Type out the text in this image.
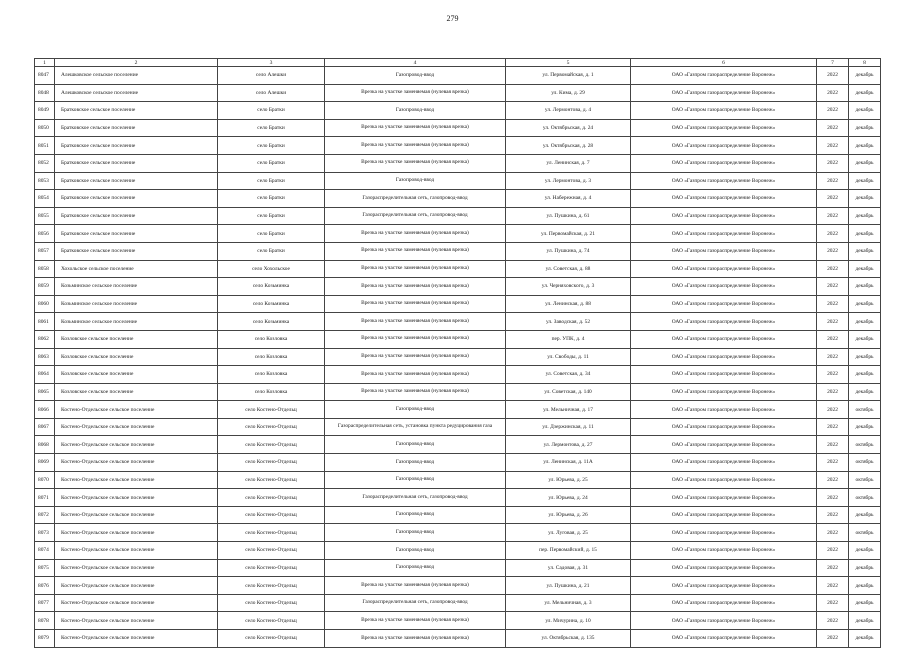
279
1	2	3	4	5	6	7	8
8047	Алешковское сельское поселение	село Алешки	Газопровод-ввод	ул. Первомайская, д. 1	ОАО «Газпром газораспределение Воронеж»	2022	декабрь
8048	Алешковское сельское поселение	село Алешки	Врезка на участке заменяемая (нулевая врезка)	ул. Кима, д. 29	ОАО «Газпром газораспределение Воронеж»	2022	декабрь
8049	Братковское сельское поселение	село Братки	Газопровод-ввод	ул. Лермонтова, д. 4	ОАО «Газпром газораспределение Воронеж»	2022	декабрь
8050	Братковское сельское поселение	село Братки	Врезка на участке заменяемая (нулевая врезка)	ул. Октябрьская, д. 24	ОАО «Газпром газораспределение Воронеж»	2022	декабрь
8051	Братковское сельское поселение	село Братки	Врезка на участке заменяемая (нулевая врезка)	ул. Октябрьская, д. 28	ОАО «Газпром газораспределение Воронеж»	2022	декабрь
8052	Братковское сельское поселение	село Братки	Врезка на участке заменяемая (нулевая врезка)	ул. Ленинская, д. 7	ОАО «Газпром газораспределение Воронеж»	2022	декабрь
8053	Братковское сельское поселение	село Братки	Газопровод-ввод	ул. Лермонтова, д. 3	ОАО «Газпром газораспределение Воронеж»	2022	декабрь
8054	Братковское сельское поселение	село Братки	Газораспределительная сеть, газопровод-ввод	ул. Набережная, д. 4	ОАО «Газпром газораспределение Воронеж»	2022	декабрь
8055	Братковское сельское поселение	село Братки	Газораспределительная сеть, газопровод-ввод	ул. Пушкина, д. 61	ОАО «Газпром газораспределение Воронеж»	2022	декабрь
8056	Братковское сельское поселение	село Братки	Врезка на участке заменяемая (нулевая врезка)	ул. Первомайская, д. 21	ОАО «Газпром газораспределение Воронеж»	2022	декабрь
8057	Братковское сельское поселение	село Братки	Врезка на участке заменяемая (нулевая врезка)	ул. Пушкина, д. 74	ОАО «Газпром газораспределение Воронеж»	2022	декабрь
8058	Хохольское сельское поселение	село Хохольское	Врезка на участке заменяемая (нулевая врезка)	ул. Советская, д. 88	ОАО «Газпром газораспределение Воронеж»	2022	декабрь
8059	Козьминское сельское поселение	село Козьминка	Врезка на участке заменяемая (нулевая врезка)	ул. Черняховского, д. 3	ОАО «Газпром газораспределение Воронеж»	2022	декабрь
8060	Козьминское сельское поселение	село Козьминка	Врезка на участке заменяемая (нулевая врезка)	ул. Ленинская, д. 88	ОАО «Газпром газораспределение Воронеж»	2022	декабрь
8061	Козьминское сельское поселение	село Козьминка	Врезка на участке заменяемая (нулевая врезка)	ул. Заводская, д. 52	ОАО «Газпром газораспределение Воронеж»	2022	декабрь
8062	Козловское сельское поселение	село Козловка	Врезка на участке заменяемая (нулевая врезка)	пер. УПК, д. 4	ОАО «Газпром газораспределение Воронеж»	2022	декабрь
8063	Козловское сельское поселение	село Козловка	Врезка на участке заменяемая (нулевая врезка)	ул. Свободы, д. 11	ОАО «Газпром газораспределение Воронеж»	2022	декабрь
8064	Козловское сельское поселение	село Козловка	Врезка на участке заменяемая (нулевая врезка)	ул. Советская, д. 34	ОАО «Газпром газораспределение Воронеж»	2022	декабрь
8065	Козловское сельское поселение	село Козловка	Врезка на участке заменяемая (нулевая врезка)	ул. Советская, д. 140	ОАО «Газпром газораспределение Воронеж»	2022	декабрь
8066	Костено-Отдельское сельское поселение	село Костено-Отдельц	Газопровод-ввод	ул. Мельничная, д. 17	ОАО «Газпром газораспределение Воронеж»	2022	октябрь
8067	Костено-Отдельское сельское поселение	село Костено-Отдельц	Газораспределительная сеть, установка пункта редуцирования газа	ул. Дзержинская, д. 11	ОАО «Газпром газораспределение Воронеж»	2022	декабрь
8068	Костено-Отдельское сельское поселение	село Костено-Отдельц	Газопровод-ввод	ул. Лермонтова, д. 27	ОАО «Газпром газораспределение Воронеж»	2022	октябрь
8069	Костено-Отдельское сельское поселение	село Костено-Отдельц	Газопровод-ввод	ул. Ленинская, д. 11А	ОАО «Газпром газораспределение Воронеж»	2022	октябрь
8070	Костено-Отдельское сельское поселение	село Костено-Отдельц	Газопровод-ввод	ул. Юрьева, д. 25	ОАО «Газпром газораспределение Воронеж»	2022	октябрь
8071	Костено-Отдельское сельское поселение	село Костено-Отдельц	Газораспределительная сеть, газопровод-ввод	ул. Юрьева, д. 24	ОАО «Газпром газораспределение Воронеж»	2022	октябрь
8072	Костено-Отдельское сельское поселение	село Костено-Отдельц	Газопровод-ввод	ул. Юрьева, д. 26	ОАО «Газпром газораспределение Воронеж»	2022	декабрь
8073	Костено-Отдельское сельское поселение	село Костено-Отдельц	Газопровод-ввод	ул. Луговая, д. 25	ОАО «Газпром газораспределение Воронеж»	2022	октябрь
8074	Костено-Отдельское сельское поселение	село Костено-Отдельц	Газопровод-ввод	пер. Первомайский, д. 15	ОАО «Газпром газораспределение Воронеж»	2022	декабрь
8075	Костено-Отдельское сельское поселение	село Костено-Отдельц	Газопровод-ввод	ул. Садовая, д. 31	ОАО «Газпром газораспределение Воронеж»	2022	декабрь
8076	Костено-Отдельское сельское поселение	село Костено-Отдельц	Врезка на участке заменяемая (нулевая врезка)	ул. Пушкина, д. 21	ОАО «Газпром газораспределение Воронеж»	2022	декабрь
8077	Костено-Отдельское сельское поселение	село Костено-Отдельц	Газораспределительная сеть, газопровод-ввод	ул. Мельничная, д. 3	ОАО «Газпром газораспределение Воронеж»	2022	декабрь
8078	Костено-Отдельское сельское поселение	село Костено-Отдельц	Врезка на участке заменяемая (нулевая врезка)	ул. Мичурина, д. 10	ОАО «Газпром газораспределение Воронеж»	2022	декабрь
8079	Костено-Отдельское сельское поселение	село Костено-Отдельц	Врезка на участке заменяемая (нулевая врезка)	ул. Октябрьская, д. 135	ОАО «Газпром газораспределение Воронеж»	2022	декабрь
